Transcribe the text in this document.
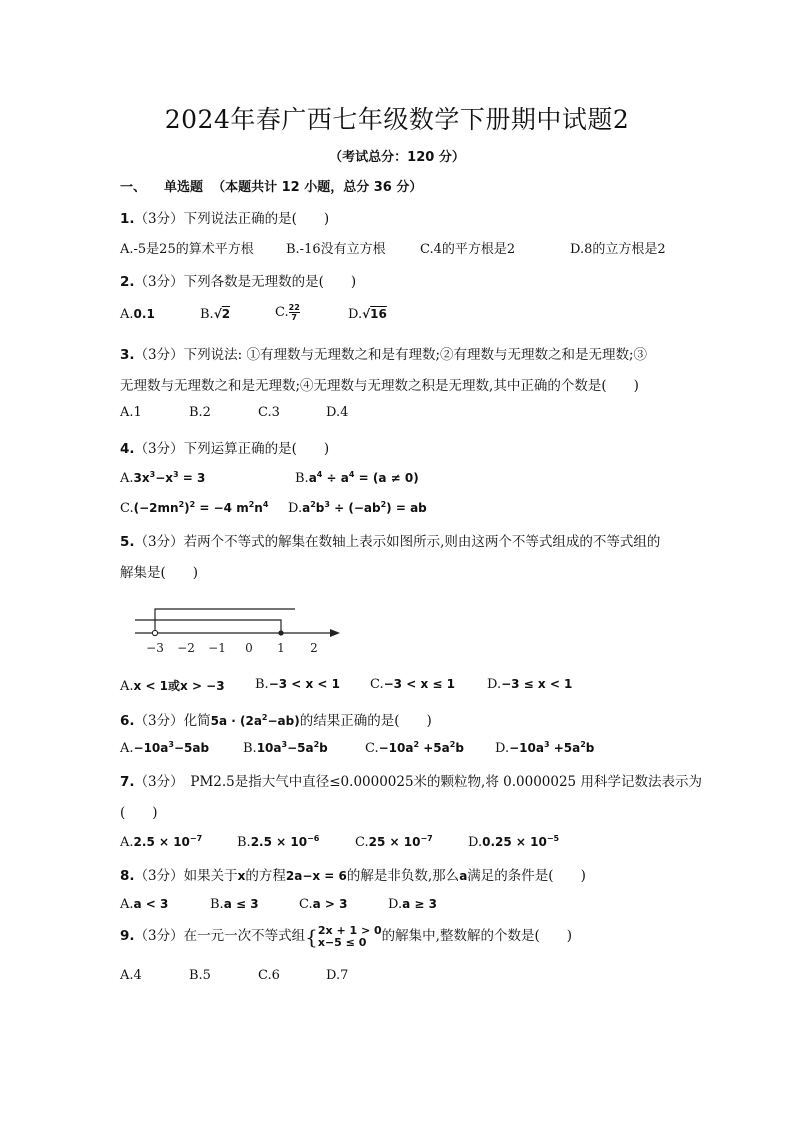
2024年春广西七年级数学下册期中试题2
（考试总分：120 分）
一、 单选题 （本题共计 12 小题，总分 36 分）
1.（3分）下列说法正确的是(　　)
A.-5是25的算术平方根 B.-16没有立方根	C.4的平方根是2	D.8的立方根是2
2.（3分）下列各数是无理数的是(　　)
A.0.1	B.√2	C. $\frac{22}{7}$	D.√16
3.（3分）下列说法: ①有理数与无理数之和是有理数;②有理数与无理数之和是无理数;③
无理数与无理数之和是无理数;④无理数与无理数之积是无理数,其中正确的个数是(　　)
A.1	B.2	C.3	D.4
4.（3分）下列运算正确的是(　　)
$A.3x^3-x^3 = 3$	$B.a^4 \div a^4 = (a \ne 0)$
$C.(-2mn^2)^2 = -4$ $m^2n^4$ $D.a^2b^3 \div (-ab^2)$ = ab
5.（3分）若两个不等式的解集在数轴上表示如图所示,则由这两个不等式组成的不等式组的
解集是(　　)
−3 −2 −1 0 1 2
A.x < 1或x > −3 B.−3 < x < 1 C.−3 < x ≤ 1 D.−3 ≤ x < 1
6.（3分）化简$5a \cdot (2a^2-ab)$的结果正确的是(　　)
$A.-10a^3-5ab$	$B.10a^3-5a^2b$	$C.-10a^2 +5a^2b$ $D.-10a^3 +5a^2b$
7.（3分）　PM2.5是指大气中直径≤0.0000025米的颗粒物,将 0.0000025 用科学记数法表示为
(　　)
$A.2.5 \times 10^{-7}$	$B.2.5 \times 10^{-6}$	$C.25 \times 10^{-7}$	$D.0.25 \times 10^{-5}$
8.（3分）如果关于x的方程2a−x = 6的解是非负数,那么a满足的条件是(　　)
A.a < 3	B.a ≤ 3	C.a > 3	D.a ≥ 3
9.（3分）在一元一次不等式组{ 2x + 1 > 0
x−5 ≤ 0	的解集中,整数解的个数是(　　)
A.4	B.5	C.6	D.7
